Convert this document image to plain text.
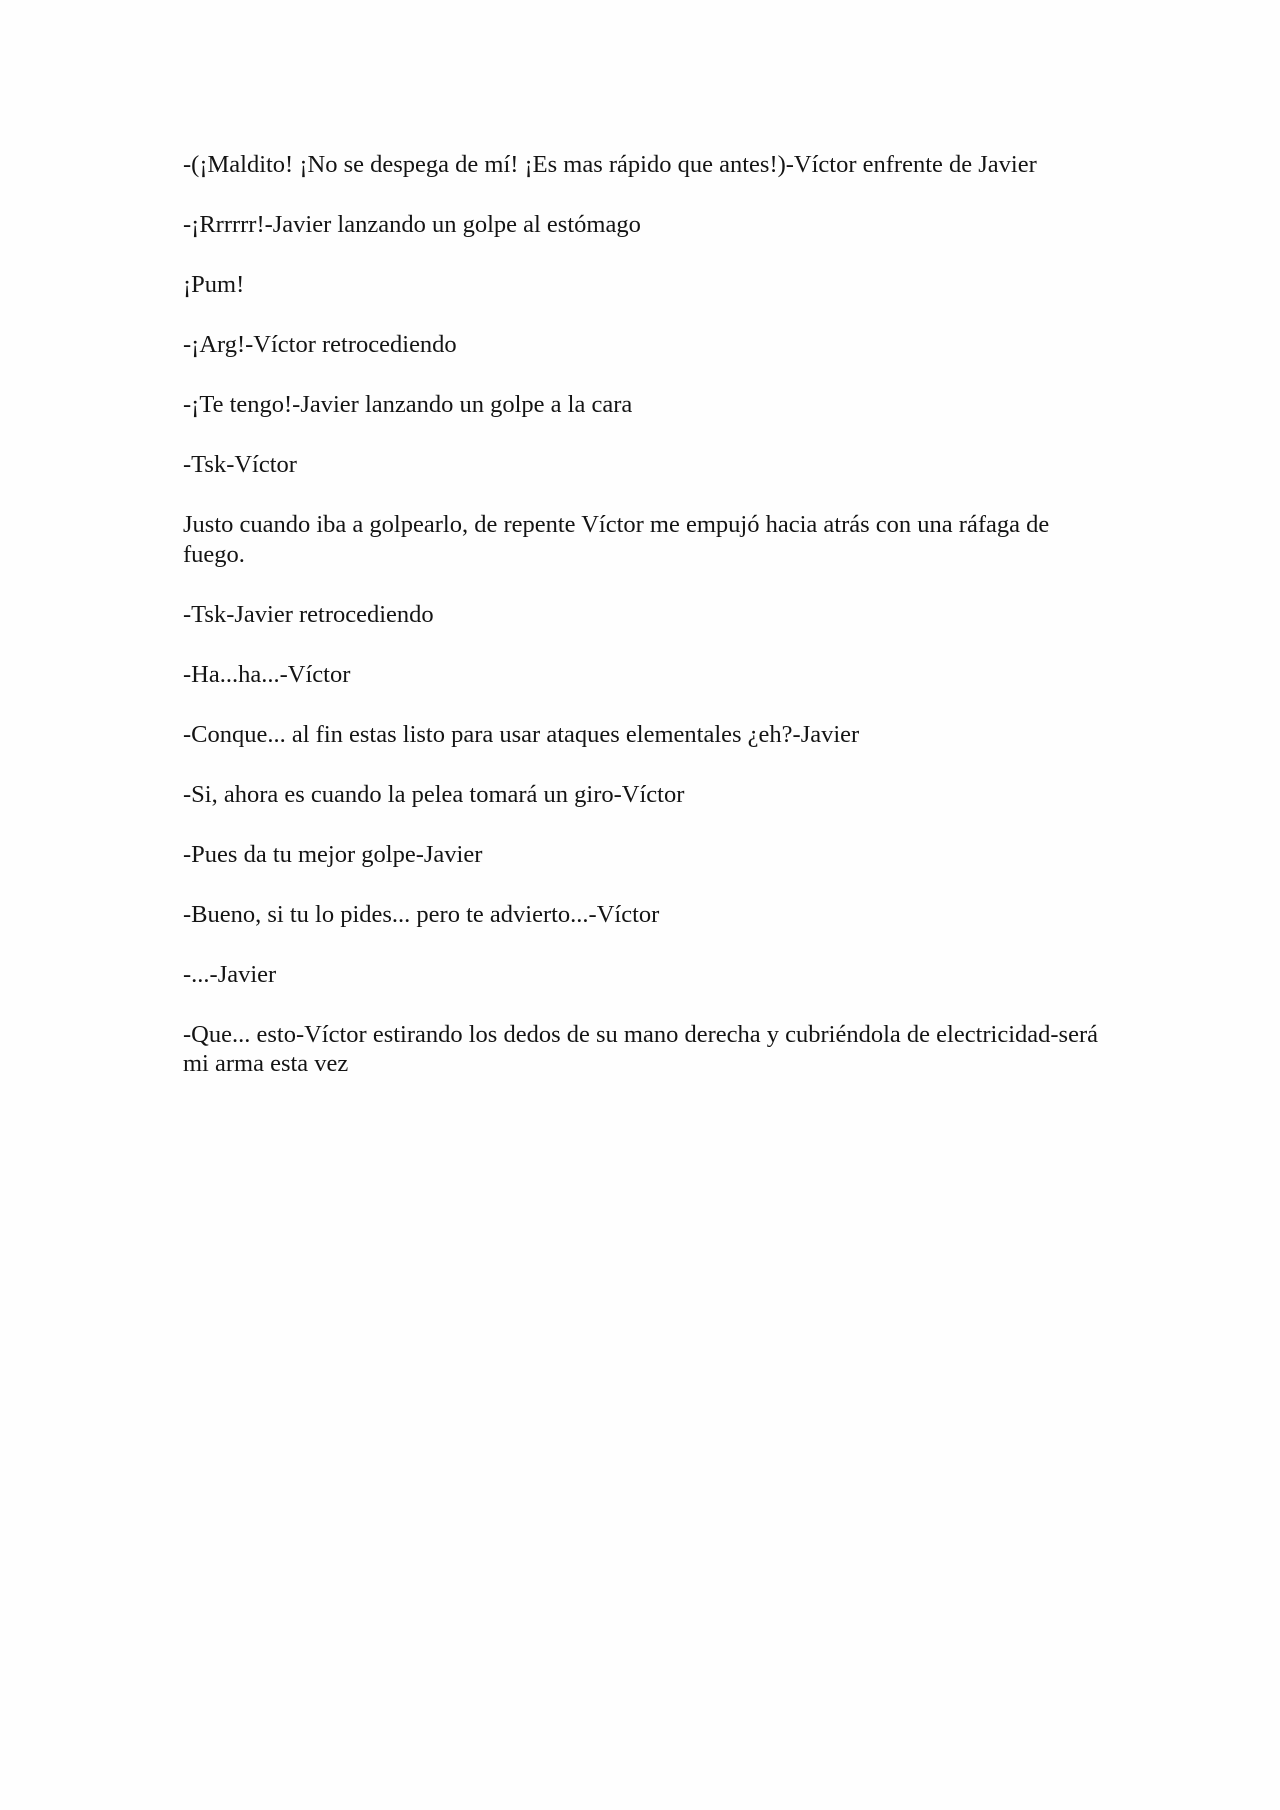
-(¡Maldito! ¡No se despega de mí! ¡Es mas rápido que antes!)-Víctor enfrente de Javier

-¡Rrrrrr!-Javier lanzando un golpe al estómago

¡Pum!

-¡Arg!-Víctor retrocediendo

-¡Te tengo!-Javier lanzando un golpe a la cara

-Tsk-Víctor

Justo cuando iba a golpearlo, de repente Víctor me empujó hacia atrás con una ráfaga de fuego.

-Tsk-Javier retrocediendo

-Ha...ha...-Víctor

-Conque... al fin estas listo para usar ataques elementales ¿eh?-Javier

-Si, ahora es cuando la pelea tomará un giro-Víctor

-Pues da tu mejor golpe-Javier

-Bueno, si tu lo pides... pero te advierto...-Víctor

-...-Javier

-Que... esto-Víctor estirando los dedos de su mano derecha y cubriéndola de electricidad-será mi arma esta vez
